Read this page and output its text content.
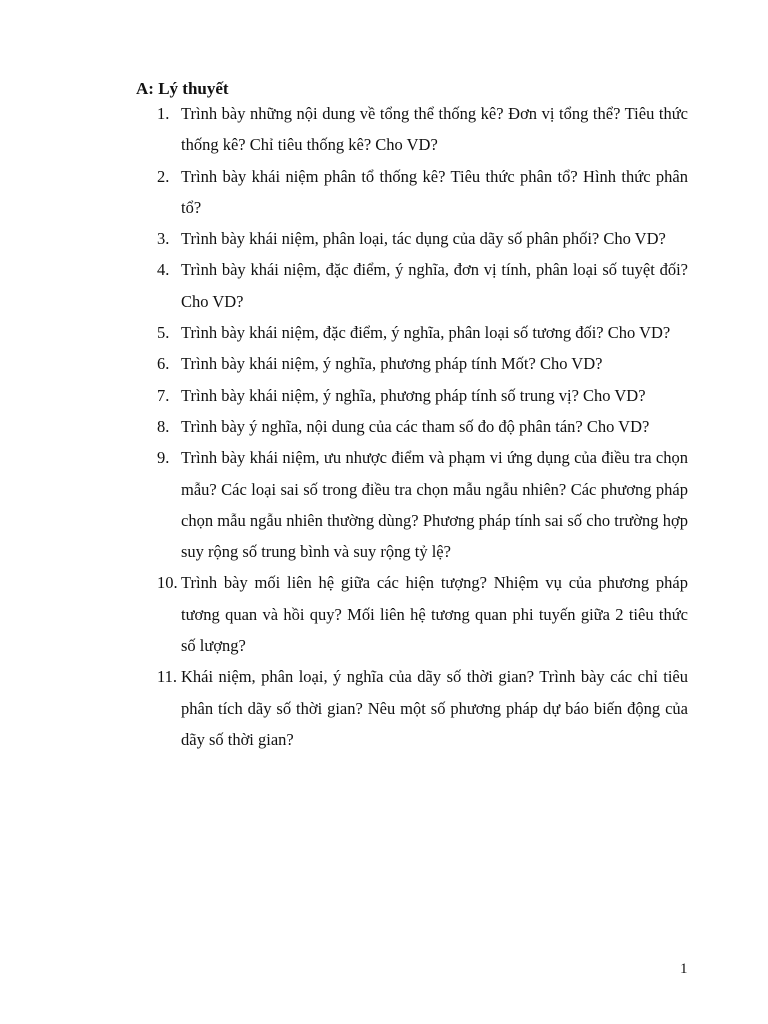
A: Lý thuyết
1. Trình bày những nội dung về tổng thể thống kê? Đơn vị tổng thể? Tiêu thức thống kê? Chỉ tiêu thống kê? Cho VD?
2. Trình bày khái niệm phân tổ thống kê? Tiêu thức phân tổ? Hình thức phân tổ?
3. Trình bày khái niệm, phân loại, tác dụng của dãy số phân phối? Cho VD?
4. Trình bày khái niệm, đặc điểm, ý nghĩa, đơn vị tính, phân loại số tuyệt đối? Cho VD?
5. Trình bày khái niệm, đặc điểm, ý nghĩa, phân loại số tương đối? Cho VD?
6. Trình bày khái niệm, ý nghĩa, phương pháp tính Mốt? Cho VD?
7. Trình bày khái niệm, ý nghĩa, phương pháp tính số trung vị? Cho VD?
8. Trình bày ý nghĩa, nội dung của các tham số đo độ phân tán? Cho VD?
9. Trình bày khái niệm, ưu nhược điểm và phạm vi ứng dụng của điều tra chọn mẫu? Các loại sai số trong điều tra chọn mẫu ngẫu nhiên? Các phương pháp chọn mẫu ngẫu nhiên thường dùng? Phương pháp tính sai số cho trường hợp suy rộng số trung bình và suy rộng tỷ lệ?
10. Trình bày mối liên hệ giữa các hiện tượng? Nhiệm vụ của phương pháp tương quan và hồi quy? Mối liên hệ tương quan phi tuyến giữa 2 tiêu thức số lượng?
11. Khái niệm, phân loại, ý nghĩa của dãy số thời gian? Trình bày các chỉ tiêu phân tích dãy số thời gian? Nêu một số phương pháp dự báo biến động của dãy số thời gian?
1
